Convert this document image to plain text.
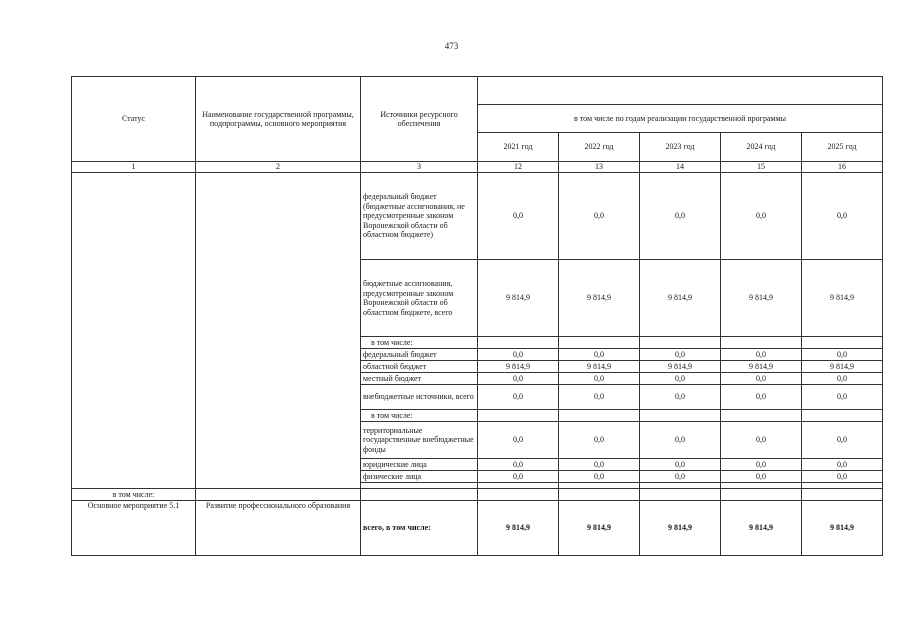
473
Статус	Наименование государственной программы, подпрограммы, основного мероприятия	Источники ресурсного обеспечения					
			в том числе по годам реализации государственной программы				
			2021 год	2022 год	2023 год	2024 год	2025 год
1	2	3	12	13	14	15	16
		федеральный бюджет (бюджетные ассигнования, не предусмотренные законом Воронежской области об областном бюджете)	0,0	0,0	0,0	0,0	0,0
		бюджетные ассигнования, предусмотренные законом Воронежской области об областном бюджете, всего	9 814,9	9 814,9	9 814,9	9 814,9	9 814,9
		в том числе:					
		федеральный бюджет	0,0	0,0	0,0	0,0	0,0
		областной бюджет	9 814,9	9 814,9	9 814,9	9 814,9	9 814,9
		местный бюджет	0,0	0,0	0,0	0,0	0,0
		внебюджетные источники, всего	0,0	0,0	0,0	0,0	0,0
		в том числе:					
		территориальные государственные внебюджетные фонды	0,0	0,0	0,0	0,0	0,0
		юридические лица	0,0	0,0	0,0	0,0	0,0
		физические лица	0,0	0,0	0,0	0,0	0,0

в том числе:							
Основное мероприятие 5.1	Развитие профессионального образования	всего, в том числе:	9 814,9	9 814,9	9 814,9	9 814,9	9 814,9
